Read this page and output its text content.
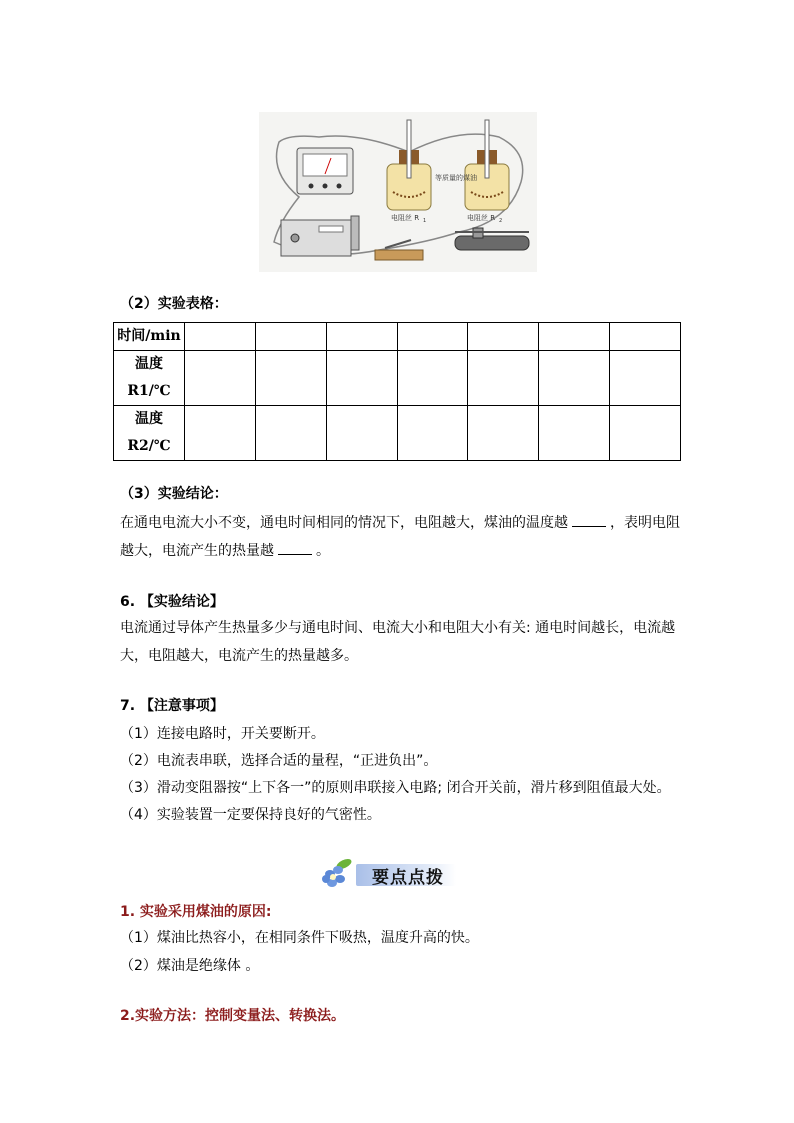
等质量的煤油
电阻丝 R 1	电阻丝 R 2
（2）实验表格：
时间/min							

温度
R1/℃							

温度
R2/℃							

（3）实验结论：
在通电电流大小不变，通电时间相同的情况下，电阻越大，煤油的温度越	，表明电阻
越大，电流产生的热量越	。
6. 【实验结论】
电流通过导体产生热量多少与通电时间、电流大小和电阻大小有关: 通电时间越长，电流越
大，电阻越大，电流产生的热量越多。
7. 【注意事项】
（1）连接电路时，开关要断开。
（2）电流表串联，选择合适的量程，“正进负出”。
（3）滑动变阻器按“上下各一”的原则串联接入电路; 闭合开关前，滑片移到阻值最大处。
（4）实验装置一定要保持良好的气密性。
要点点拨
1. 实验采用煤油的原因:
（1）煤油比热容小，在相同条件下吸热，温度升高的快。
（2）煤油是绝缘体 。
2.实验方法：控制变量法、转换法。
